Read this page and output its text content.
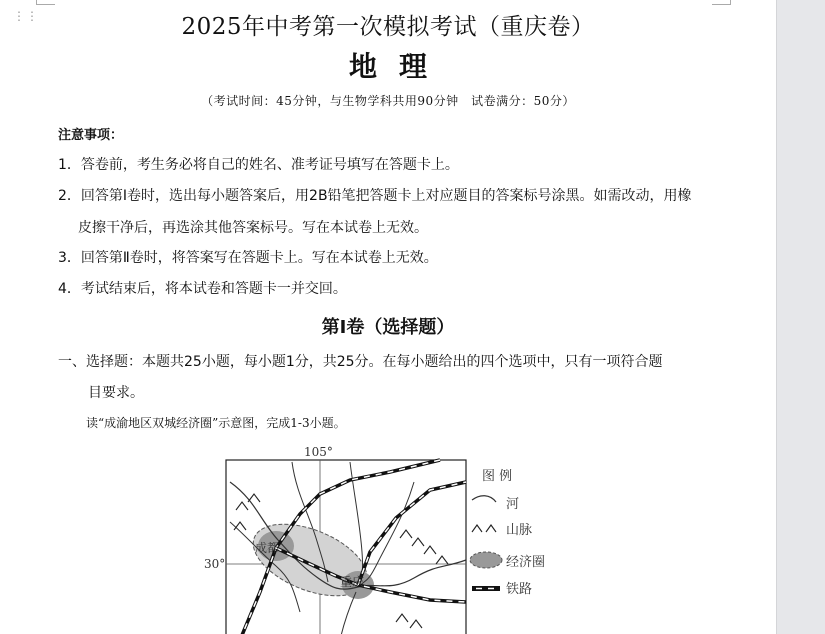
⋮⋮	2025年中考第一次模拟考试（重庆卷）
地理
（考试时间：45分钟，与生物学科共用90分钟　试卷满分：50分）
注意事项：
1．答卷前，考生务必将自己的姓名、准考证号填写在答题卡上。
2．回答第Ⅰ卷时，选出每小题答案后，用2B铅笔把答题卡上对应题目的答案标号涂黑。如需改动，用橡
皮擦干净后，再选涂其他答案标号。写在本试卷上无效。
3．回答第Ⅱ卷时，将答案写在答题卡上。写在本试卷上无效。
4．考试结束后，将本试卷和答题卡一并交回。
第Ⅰ卷（选择题）
一、选择题：本题共25小题，每小题1分，共25分。在每小题给出的四个选项中，只有一项符合题
目要求。
读“成渝地区双城经济圈”示意图，完成1-3小题。
105°
30°
成都
重庆
图 例
河
山脉
经济圈
铁路
